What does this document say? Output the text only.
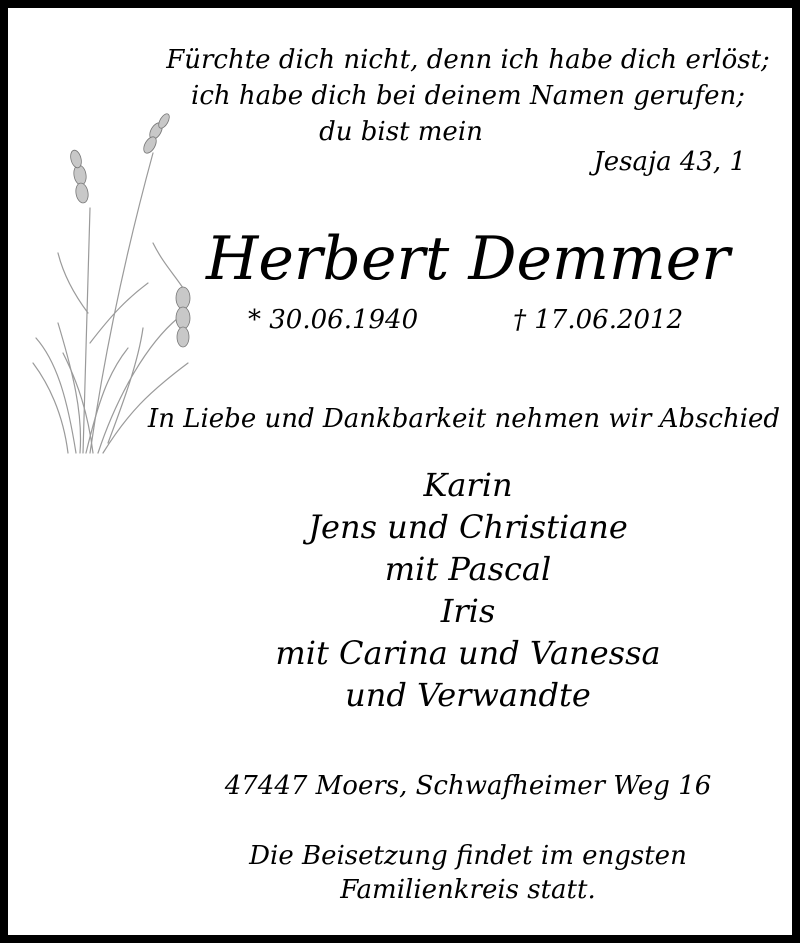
Fürchte dich nicht, denn ich habe dich erlöst;
ich habe dich bei deinem Namen gerufen;
du bist mein
Jesaja 43, 1
Herbert Demmer
* 30.06.1940	† 17.06.2012
In Liebe und Dankbarkeit nehmen wir Abschied
Karin
Jens und Christiane
mit Pascal
Iris
mit Carina und Vanessa
und Verwandte
47447 Moers, Schwafheimer Weg 16
Die Beisetzung findet im engsten
Familienkreis statt.
